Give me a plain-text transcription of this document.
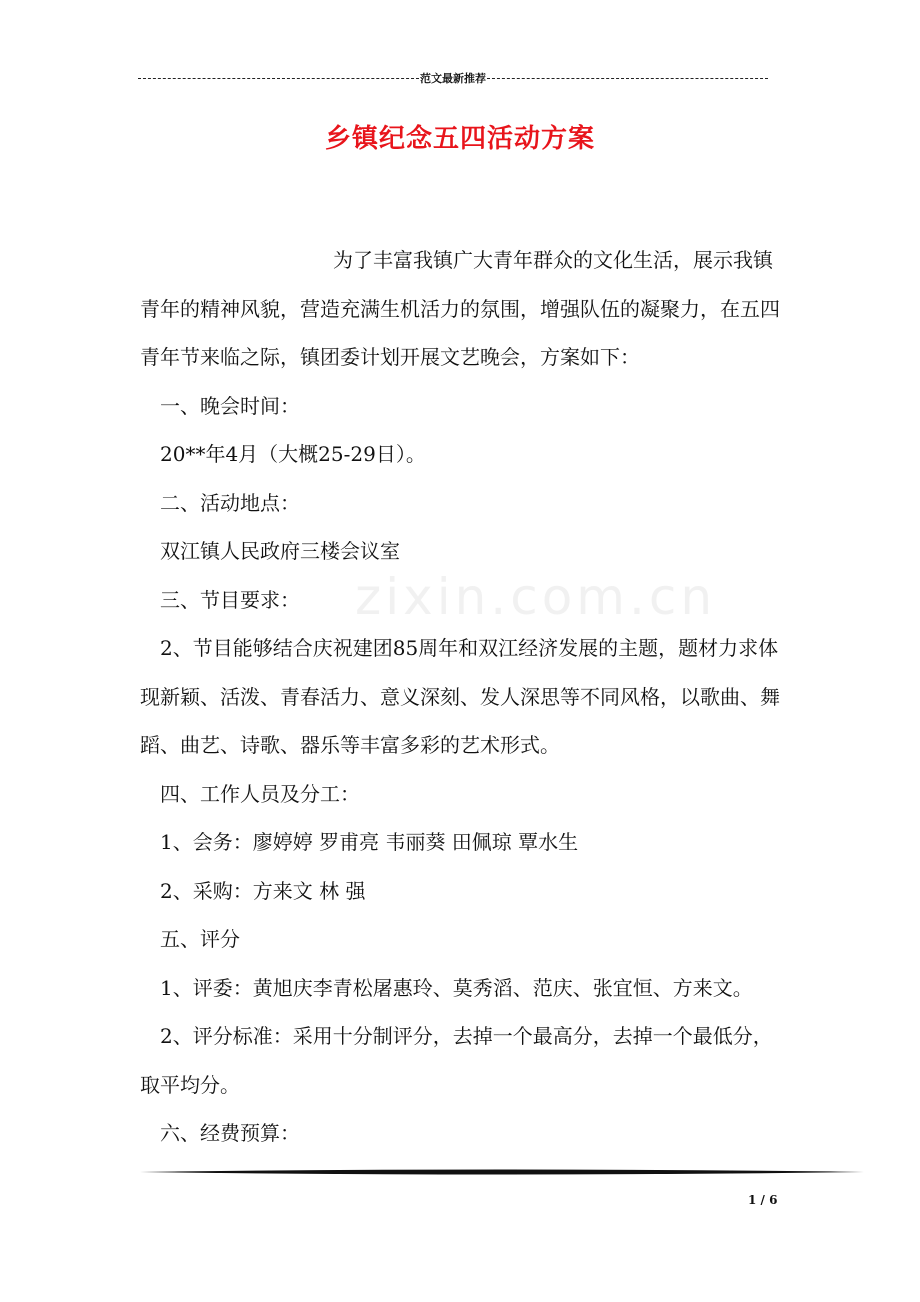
范文最新推荐
乡镇纪念五四活动方案
zixin.com.cn

为了丰富我镇广大青年群众的文化生活，展示我镇青年的精神风貌，营造充满生机活力的氛围，增强队伍的凝聚力，在五四青年节来临之际，镇团委计划开展文艺晚会，方案如下：

一、晚会时间：

20**年4月（大概25-29日）。

二、活动地点：

双江镇人民政府三楼会议室

三、节目要求：

2、节目能够结合庆祝建团85周年和双江经济发展的主题，题材力求体现新颖、活泼、青春活力、意义深刻、发人深思等不同风格，以歌曲、舞蹈、曲艺、诗歌、器乐等丰富多彩的艺术形式。

四、工作人员及分工：

1、会务：廖婷婷 罗甫亮 韦丽葵 田佩琼 覃水生

2、采购：方来文 林 强

五、评分

1、评委：黄旭庆李青松屠惠玲、莫秀滔、范庆、张宜恒、方来文。

2、评分标准：采用十分制评分，去掉一个最高分，去掉一个最低分，取平均分。

六、经费预算：

1 / 6
